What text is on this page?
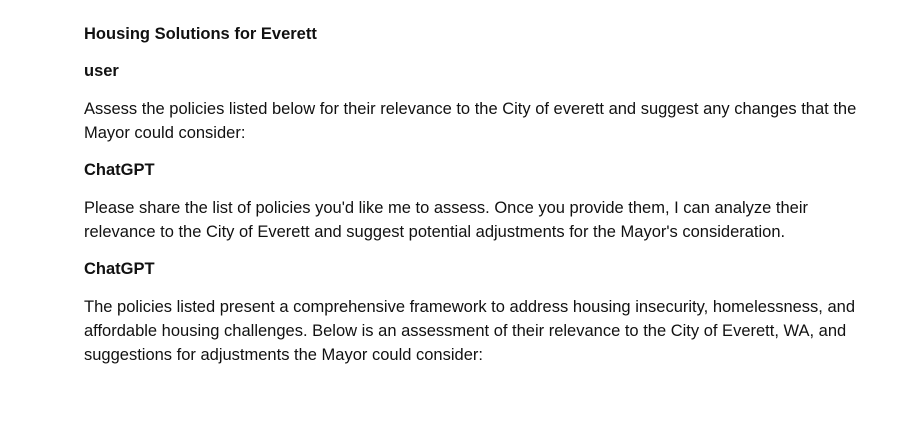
Housing Solutions for Everett
user

Assess the policies listed below for their relevance to the City of everett and suggest any changes that the Mayor could consider:

ChatGPT

Please share the list of policies you'd like me to assess. Once you provide them, I can analyze their relevance to the City of Everett and suggest potential adjustments for the Mayor's consideration.

ChatGPT

The policies listed present a comprehensive framework to address housing insecurity, homelessness, and affordable housing challenges. Below is an assessment of their relevance to the City of Everett, WA, and suggestions for adjustments the Mayor could consider:
